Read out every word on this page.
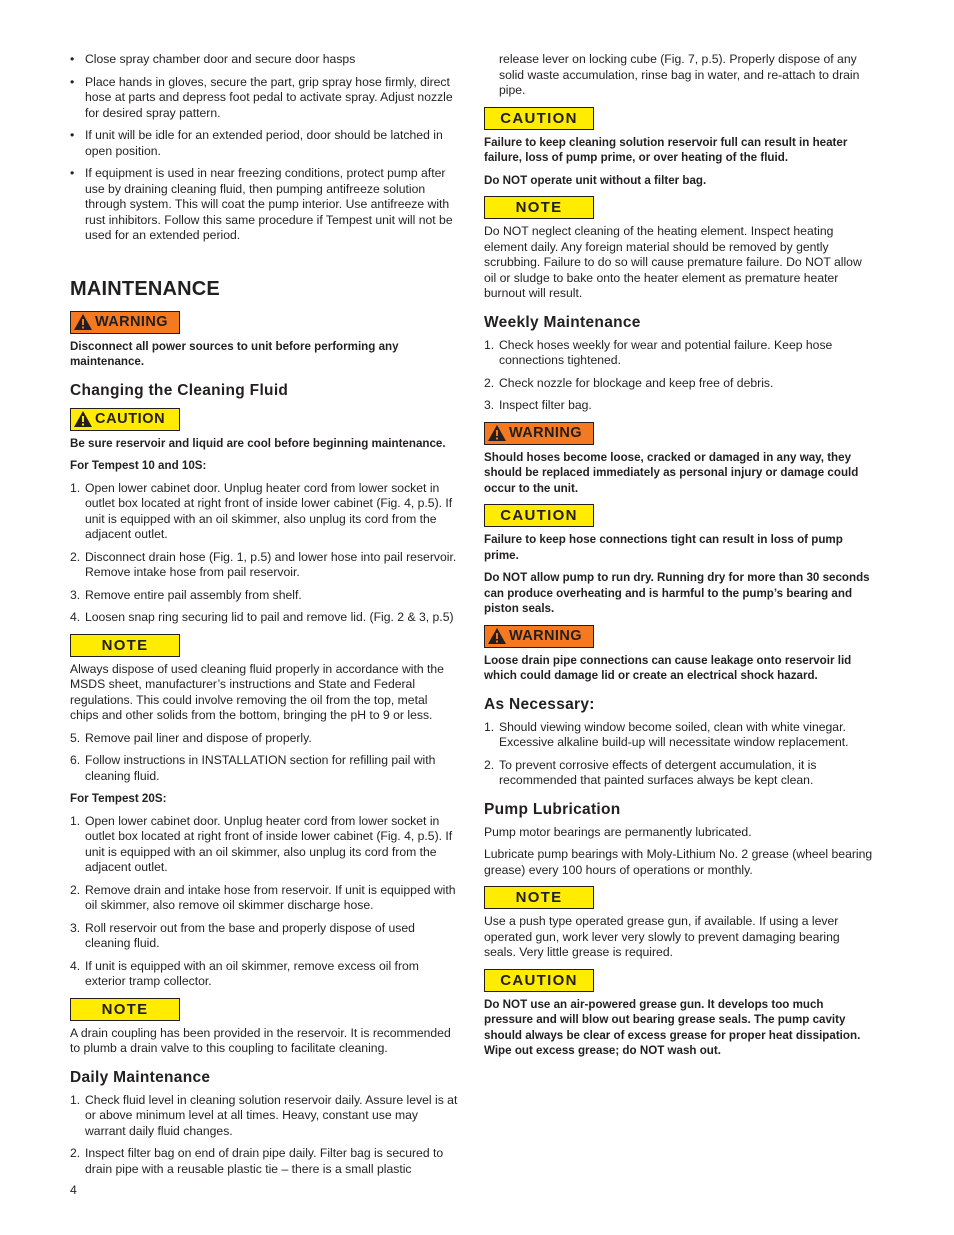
• Close spray chamber door and secure door hasps
• Place hands in gloves, secure the part, grip spray hose firmly, direct hose at parts and depress foot pedal to activate spray. Adjust nozzle for desired spray pattern.
• If unit will be idle for an extended period, door should be latched in open position.
• If equipment is used in near freezing conditions, protect pump after use by draining cleaning fluid, then pumping antifreeze solution through system. This will coat the pump interior. Use antifreeze with rust inhibitors. Follow this same procedure if Tempest unit will not be used for an extended period.
MAINTENANCE
WARNING
Disconnect all power sources to unit before performing any maintenance.
Changing the Cleaning Fluid
CAUTION
Be sure reservoir and liquid are cool before beginning maintenance.
For Tempest 10 and 10S:
1. Open lower cabinet door. Unplug heater cord from lower socket in outlet box located at right front of inside lower cabinet (Fig. 4, p.5). If unit is equipped with an oil skimmer, also unplug its cord from the adjacent outlet.
2. Disconnect drain hose (Fig. 1, p.5) and lower hose into pail reservoir. Remove intake hose from pail reservoir.
3. Remove entire pail assembly from shelf.
4. Loosen snap ring securing lid to pail and remove lid. (Fig. 2 & 3, p.5)
NOTE
Always dispose of used cleaning fluid properly in accordance with the MSDS sheet, manufacturer’s instructions and State and Federal regulations. This could involve removing the oil from the top, metal chips and other solids from the bottom, bringing the pH to 9 or less.
5. Remove pail liner and dispose of properly.
6. Follow instructions in INSTALLATION section for refilling pail with cleaning fluid.
For Tempest 20S:
1. Open lower cabinet door. Unplug heater cord from lower socket in outlet box located at right front of inside lower cabinet (Fig. 4, p.5). If unit is equipped with an oil skimmer, also unplug its cord from the adjacent outlet.
2. Remove drain and intake hose from reservoir. If unit is equipped with oil skimmer, also remove oil skimmer discharge hose.
3. Roll reservoir out from the base and properly dispose of used cleaning fluid.
4. If unit is equipped with an oil skimmer, remove excess oil from exterior tramp collector.
NOTE
A drain coupling has been provided in the reservoir. It is recommended to plumb a drain valve to this coupling to facilitate cleaning.
Daily Maintenance
1. Check fluid level in cleaning solution reservoir daily. Assure level is at or above minimum level at all times. Heavy, constant use may warrant daily fluid changes.
2. Inspect filter bag on end of drain pipe daily. Filter bag is secured to drain pipe with a reusable plastic tie – there is a small plastic
release lever on locking cube (Fig. 7, p.5). Properly dispose of any solid waste accumulation, rinse bag in water, and re-attach to drain pipe.
CAUTION
Failure to keep cleaning solution reservoir full can result in heater failure, loss of pump prime, or over heating of the fluid.
Do NOT operate unit without a filter bag.
NOTE
Do NOT neglect cleaning of the heating element. Inspect heating element daily. Any foreign material should be removed by gently scrubbing. Failure to do so will cause premature failure. Do NOT allow oil or sludge to bake onto the heater element as premature heater burnout will result.
Weekly Maintenance
1. Check hoses weekly for wear and potential failure. Keep hose connections tightened.
2. Check nozzle for blockage and keep free of debris.
3. Inspect filter bag.
WARNING
Should hoses become loose, cracked or damaged in any way, they should be replaced immediately as personal injury or damage could occur to the unit.
CAUTION
Failure to keep hose connections tight can result in loss of pump prime.
Do NOT allow pump to run dry. Running dry for more than 30 seconds can produce overheating and is harmful to the pump’s bearing and piston seals.
WARNING
Loose drain pipe connections can cause leakage onto reservoir lid which could damage lid or create an electrical shock hazard.
As Necessary:
1. Should viewing window become soiled, clean with white vinegar. Excessive alkaline build-up will necessitate window replacement.
2. To prevent corrosive effects of detergent accumulation, it is recommended that painted surfaces always be kept clean.
Pump Lubrication
Pump motor bearings are permanently lubricated.
Lubricate pump bearings with Moly-Lithium No. 2 grease (wheel bearing grease) every 100 hours of operations or monthly.
NOTE
Use a push type operated grease gun, if available. If using a lever operated gun, work lever very slowly to prevent damaging bearing seals. Very little grease is required.
CAUTION
Do NOT use an air-powered grease gun. It develops too much pressure and will blow out bearing grease seals. The pump cavity should always be clear of excess grease for proper heat dissipation. Wipe out excess grease; do NOT wash out.
4
